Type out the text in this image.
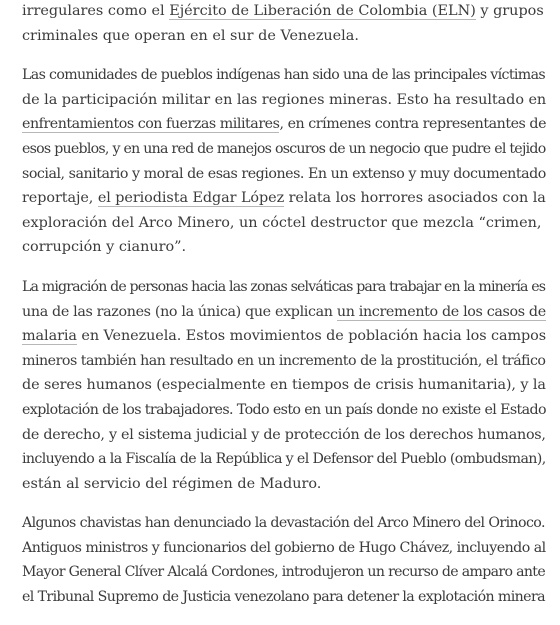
irregulares como el Ejército de Liberación de Colombia (ELN) y grupos
criminales que operan en el sur de Venezuela.

Las comunidades de pueblos indígenas han sido una de las principales víctimas
de la participación militar en las regiones mineras. Esto ha resultado en
enfrentamientos con fuerzas militares, en crímenes contra representantes de
esos pueblos, y en una red de manejos oscuros de un negocio que pudre el tejido
social, sanitario y moral de esas regiones. En un extenso y muy documentado
reportaje, el periodista Edgar López relata los horrores asociados con la
exploración del Arco Minero, un cóctel destructor que mezcla “crimen,
corrupción y cianuro”.

La migración de personas hacia las zonas selváticas para trabajar en la minería es
una de las razones (no la única) que explican un incremento de los casos de
malaria en Venezuela. Estos movimientos de población hacia los campos
mineros también han resultado en un incremento de la prostitución, el tráfico
de seres humanos (especialmente en tiempos de crisis humanitaria), y la
explotación de los trabajadores. Todo esto en un país donde no existe el Estado
de derecho, y el sistema judicial y de protección de los derechos humanos,
incluyendo a la Fiscalía de la República y el Defensor del Pueblo (ombudsman),
están al servicio del régimen de Maduro.

Algunos chavistas han denunciado la devastación del Arco Minero del Orinoco.
Antiguos ministros y funcionarios del gobierno de Hugo Chávez, incluyendo al
Mayor General Clíver Alcalá Cordones, introdujeron un recurso de amparo ante
el Tribunal Supremo de Justicia venezolano para detener la explotación minera
